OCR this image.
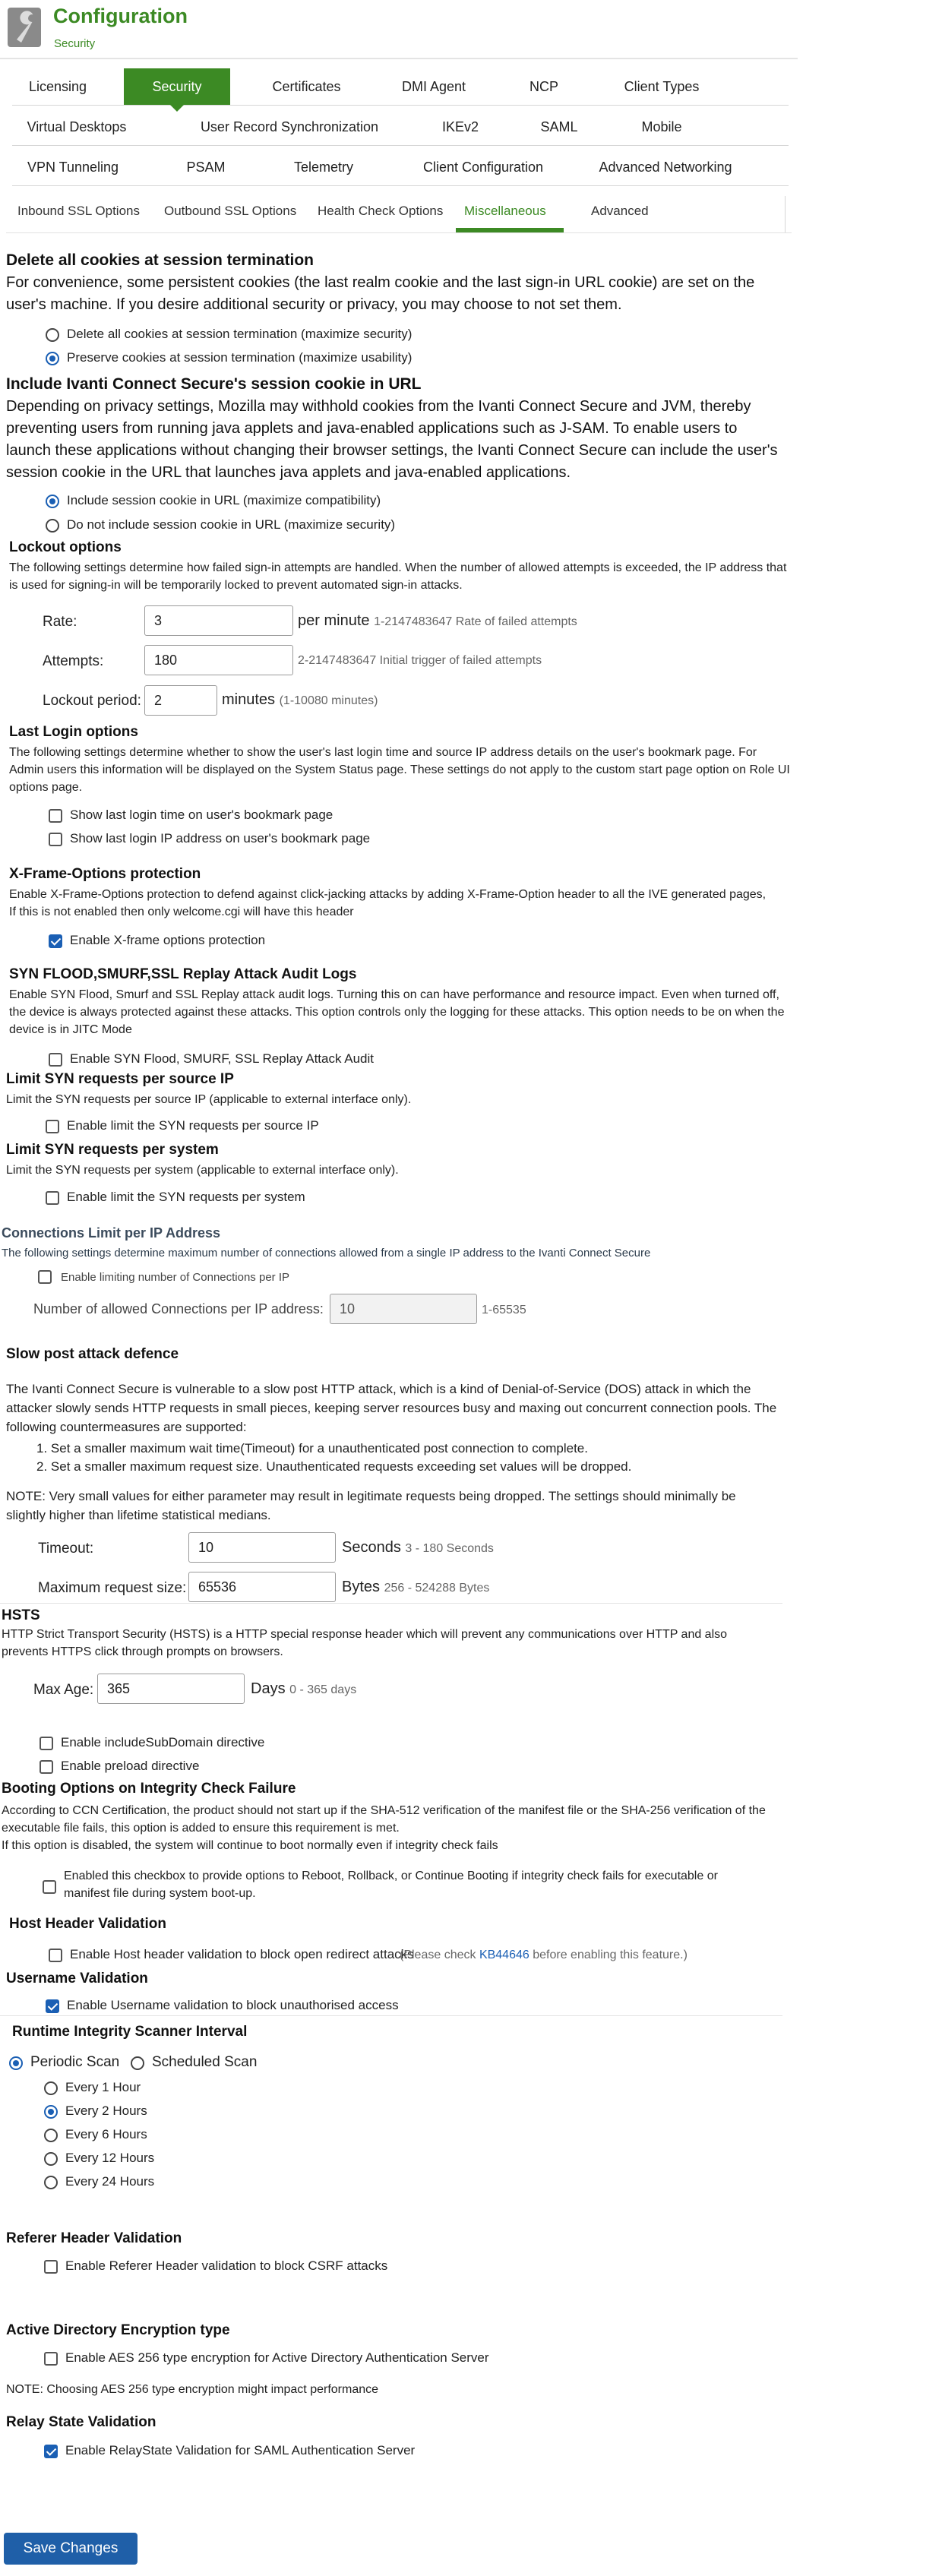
Configuration
Security
Licensing	Security	Certificates	DMI Agent	NCP	Client Types
Virtual Desktops	User Record Synchronization	IKEv2	SAML	Mobile
VPN Tunneling	PSAM	Telemetry	Client Configuration	Advanced Networking
Inbound SSL Options Outbound SSL Options Health Check Options Miscellaneous	Advanced
Delete all cookies at session termination
For convenience, some persistent cookies (the last realm cookie and the last sign-in URL cookie) are set on the user's machine. If you desire additional security or privacy, you may choose to not set them.
Delete all cookies at session termination (maximize security)
Preserve cookies at session termination (maximize usability)
Include Ivanti Connect Secure's session cookie in URL
Depending on privacy settings, Mozilla may withhold cookies from the Ivanti Connect Secure and JVM, thereby preventing users from running java applets and java-enabled applications such as J-SAM. To enable users to launch these applications without changing their browser settings, the Ivanti Connect Secure can include the user's session cookie in the URL that launches java applets and java-enabled applications.
Include session cookie in URL (maximize compatibility)
Do not include session cookie in URL (maximize security)
Lockout options
The following settings determine how failed sign-in attempts are handled. When the number of allowed attempts is exceeded, the IP address that is used for signing-in will be temporarily locked to prevent automated sign-in attacks.
Rate:
3	per minute 1-2147483647 Rate of failed attempts
Attempts:
180	2-2147483647 Initial trigger of failed attempts
Lockout period:
2	minutes (1-10080 minutes)
Last Login options
The following settings determine whether to show the user's last login time and source IP address details on the user's bookmark page. For Admin users this information will be displayed on the System Status page. These settings do not apply to the custom start page option on Role UI options page.
Show last login time on user's bookmark page
Show last login IP address on user's bookmark page
X-Frame-Options protection
Enable X-Frame-Options protection to defend against click-jacking attacks by adding X-Frame-Option header to all the IVE generated pages, If this is not enabled then only welcome.cgi will have this header
Enable X-frame options protection
SYN FLOOD,SMURF,SSL Replay Attack Audit Logs
Enable SYN Flood, Smurf and SSL Replay attack audit logs. Turning this on can have performance and resource impact. Even when turned off, the device is always protected against these attacks. This option controls only the logging for these attacks. This option needs to be on when the device is in JITC Mode
Enable SYN Flood, SMURF, SSL Replay Attack Audit
Limit SYN requests per source IP
Limit the SYN requests per source IP (applicable to external interface only).
Enable limit the SYN requests per source IP
Limit SYN requests per system
Limit the SYN requests per system (applicable to external interface only).
Enable limit the SYN requests per system
Connections Limit per IP Address
The following settings determine maximum number of connections allowed from a single IP address to the Ivanti Connect Secure
Enable limiting number of Connections per IP
Number of allowed Connections per IP address:
10	1-65535
Slow post attack defence
The Ivanti Connect Secure is vulnerable to a slow post HTTP attack, which is a kind of Denial-of-Service (DOS) attack in which the attacker slowly sends HTTP requests in small pieces, keeping server resources busy and maxing out concurrent connection pools. The following countermeasures are supported:
1. Set a smaller maximum wait time(Timeout) for a unauthenticated post connection to complete.
2. Set a smaller maximum request size. Unauthenticated requests exceeding set values will be dropped.
NOTE: Very small values for either parameter may result in legitimate requests being dropped. The settings should minimally be slightly higher than lifetime statistical medians.
Timeout:
10	Seconds 3 - 180 Seconds
Maximum request size:
65536	Bytes 256 - 524288 Bytes
HSTS
HTTP Strict Transport Security (HSTS) is a HTTP special response header which will prevent any communications over HTTP and also prevents HTTPS click through prompts on browsers.
Max Age:
365	Days 0 - 365 days
Enable includeSubDomain directive
Enable preload directive
Booting Options on Integrity Check Failure
According to CCN Certification, the product should not start up if the SHA-512 verification of the manifest file or the SHA-256 verification of the executable file fails, this option is added to ensure this requirement is met.
If this option is disabled, the system will continue to boot normally even if integrity check fails
Enabled this checkbox to provide options to Reboot, Rollback, or Continue Booting if integrity check fails for executable or manifest file during system boot-up.
Host Header Validation
Enable Host header validation to block open redirect attacks
(Please check KB44646 before enabling this feature.)
Username Validation
Enable Username validation to block unauthorised access
Runtime Integrity Scanner Interval
Periodic Scan Scheduled Scan
Every 1 Hour
Every 2 Hours
Every 6 Hours
Every 12 Hours
Every 24 Hours
Referer Header Validation
Enable Referer Header validation to block CSRF attacks
Active Directory Encryption type
Enable AES 256 type encryption for Active Directory Authentication Server
NOTE: Choosing AES 256 type encryption might impact performance
Relay State Validation
Enable RelayState Validation for SAML Authentication Server
Save Changes
